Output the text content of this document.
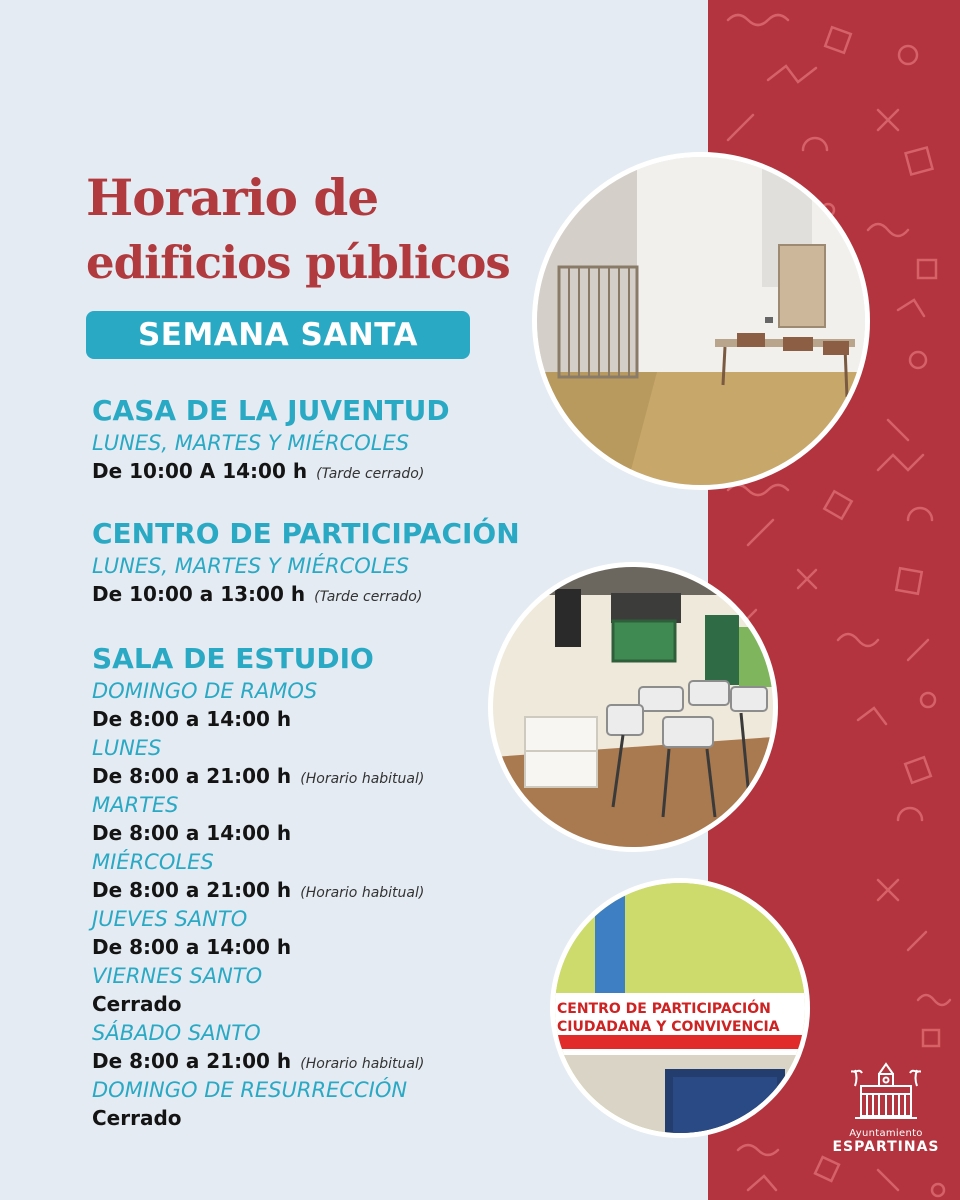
Horario de
edificios públicos
SEMANA SANTA
CASA DE LA JUVENTUD
LUNES, MARTES Y MIÉRCOLES
De 10:00 A 14:00 h (Tarde cerrado)
CENTRO DE PARTICIPACIÓN
LUNES, MARTES Y MIÉRCOLES
De 10:00 a 13:00 h (Tarde cerrado)
SALA DE ESTUDIO
DOMINGO DE RAMOS
De 8:00 a 14:00 h
LUNES
De 8:00 a 21:00 h (Horario habitual)
MARTES
De 8:00 a 14:00 h
MIÉRCOLES
De 8:00 a 21:00 h (Horario habitual)
JUEVES SANTO
De 8:00 a 14:00 h
VIERNES SANTO
Cerrado
SÁBADO SANTO
De 8:00 a 21:00 h (Horario habitual)
DOMINGO DE RESURRECCIÓN
Cerrado
CENTRO DE PARTICIPACIÓN
CIUDADANA Y CONVIVENCIA
Ayuntamiento
ESPARTINAS
